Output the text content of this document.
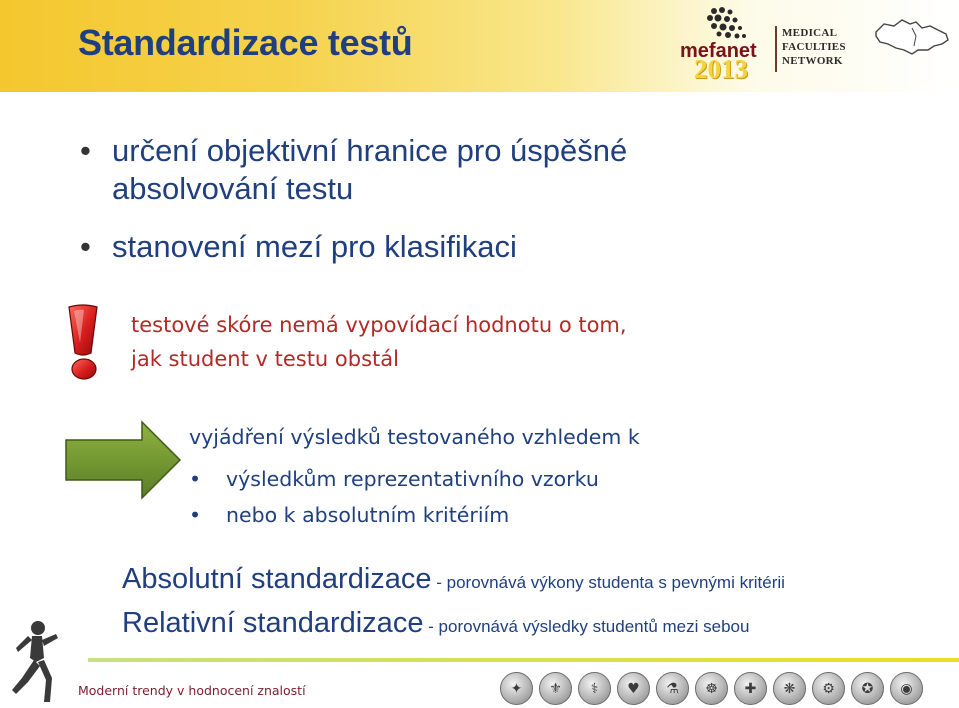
Standardizace testů	mefanet
2013

MEDICAL
FACULTIES
NETWORK

• určení objektivní hranice pro úspěšné absolvování testu
• stanovení mezí pro klasifikaci

testové skóre nemá vypovídací hodnotu o tom,
jak student v testu obstál

vyjádření výsledků testovaného vzhledem k

• výsledkům reprezentativního vzorku
• nebo k absolutním kritériím
Absolutní standardizace - porovnává výkony studenta s pevnými kritérii
Relativní standardizace - porovnává výsledky studentů mezi sebou
Moderní trendy v hodnocení znalostí	✦	⚜	⚕	♥	⚗	☸	✚	❋	⚙	✪	◉
